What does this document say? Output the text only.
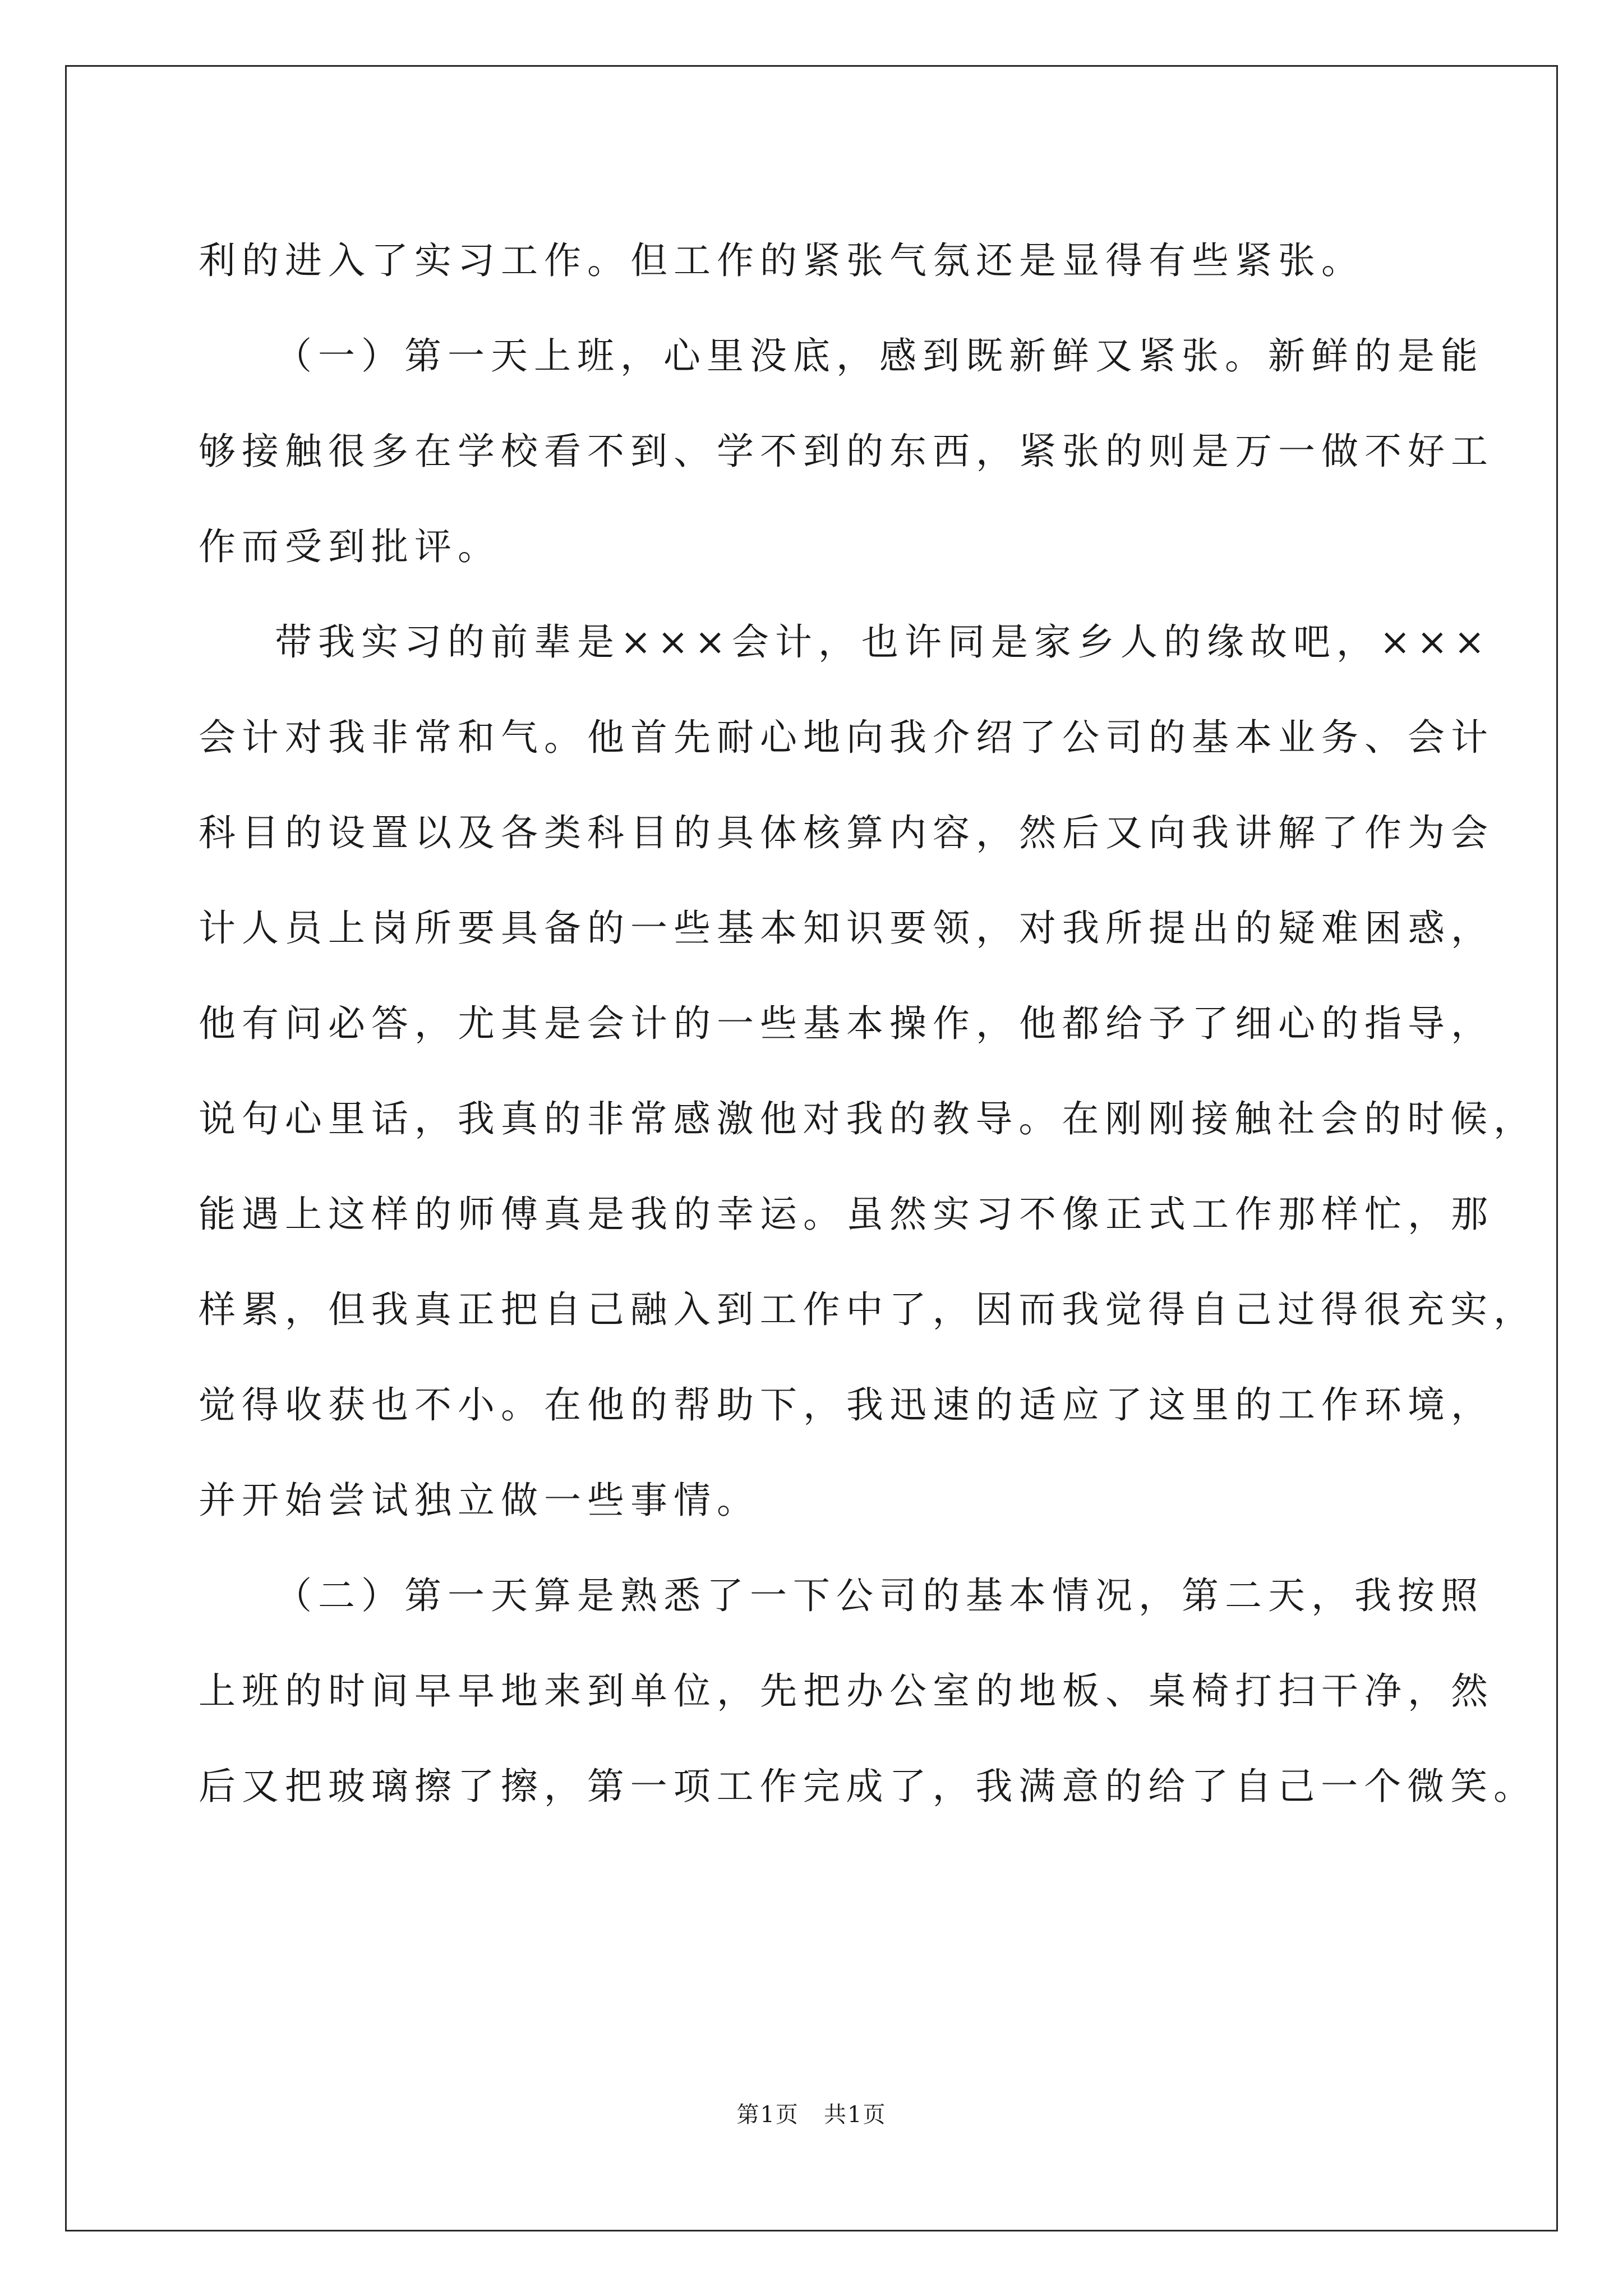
利的进入了实习工作。但工作的紧张气氛还是显得有些紧张。
（一）第一天上班，心里没底，感到既新鲜又紧张。新鲜的是能
够接触很多在学校看不到、学不到的东西，紧张的则是万一做不好工
作而受到批评。
带我实习的前辈是×××会计，也许同是家乡人的缘故吧，×××
会计对我非常和气。他首先耐心地向我介绍了公司的基本业务、会计
科目的设置以及各类科目的具体核算内容，然后又向我讲解了作为会
计人员上岗所要具备的一些基本知识要领，对我所提出的疑难困惑，
他有问必答，尤其是会计的一些基本操作，他都给予了细心的指导，
说句心里话，我真的非常感激他对我的教导。在刚刚接触社会的时候，
能遇上这样的师傅真是我的幸运。虽然实习不像正式工作那样忙，那
样累，但我真正把自己融入到工作中了，因而我觉得自己过得很充实，
觉得收获也不小。在他的帮助下，我迅速的适应了这里的工作环境，
并开始尝试独立做一些事情。
（二）第一天算是熟悉了一下公司的基本情况，第二天，我按照
上班的时间早早地来到单位，先把办公室的地板、桌椅打扫干净，然
后又把玻璃擦了擦，第一项工作完成了，我满意的给了自己一个微笑。
第1页   共1页
